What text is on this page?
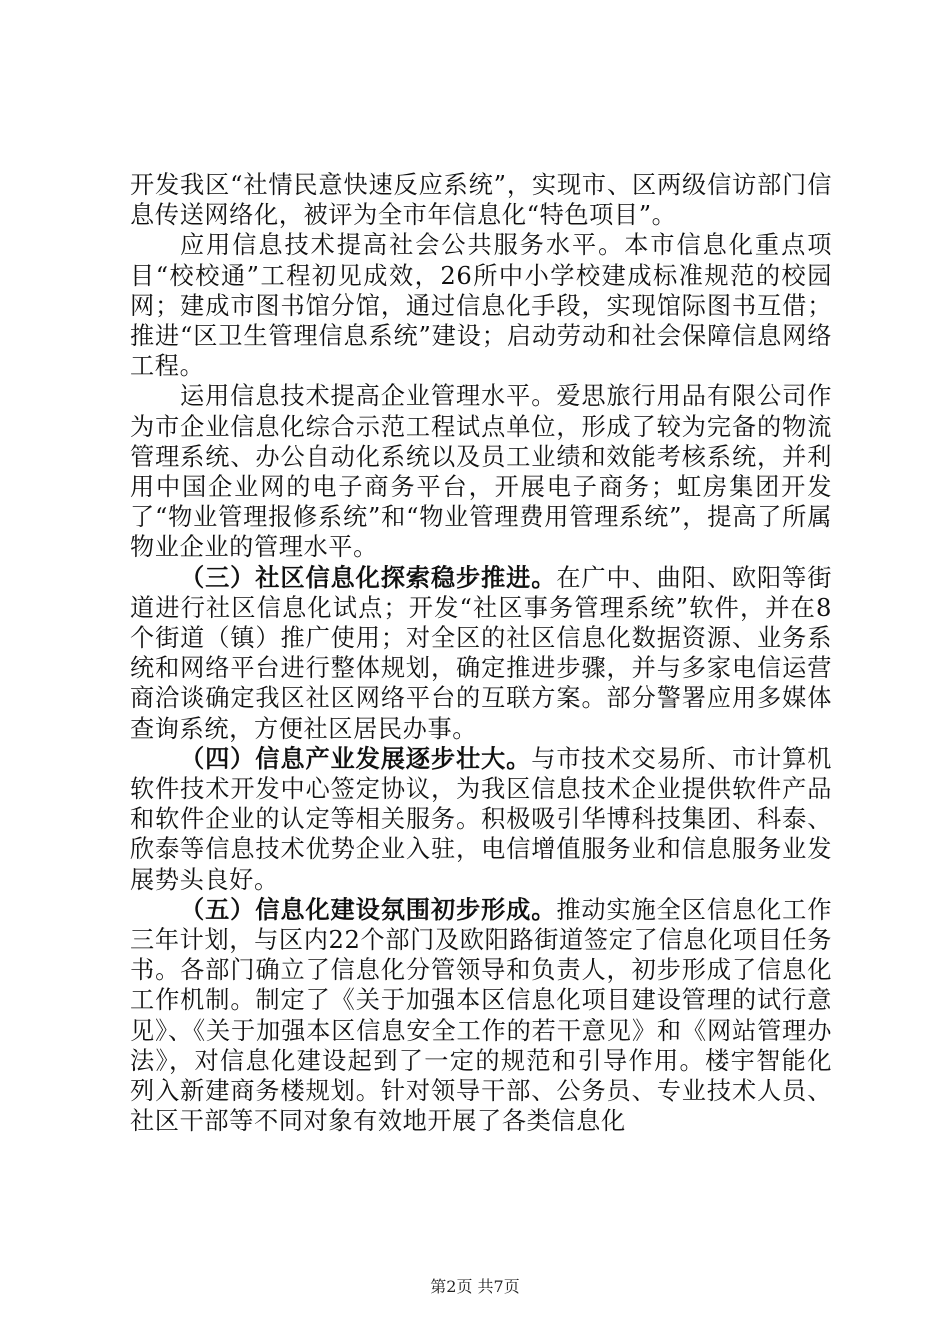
开发我区“社情民意快速反应系统”，实现市、区两级信访部门信息传送网络化，被评为全市年信息化“特色项目”。

应用信息技术提高社会公共服务水平。本市信息化重点项目“校校通”工程初见成效，26所中小学校建成标准规范的校园网；建成市图书馆分馆，通过信息化手段，实现馆际图书互借；推进“区卫生管理信息系统”建设；启动劳动和社会保障信息网络工程。

运用信息技术提高企业管理水平。爱思旅行用品有限公司作为市企业信息化综合示范工程试点单位，形成了较为完备的物流管理系统、办公自动化系统以及员工业绩和效能考核系统，并利用中国企业网的电子商务平台，开展电子商务；虹房集团开发了“物业管理报修系统”和“物业管理费用管理系统”，提高了所属物业企业的管理水平。

（三）社区信息化探索稳步推进。在广中、曲阳、欧阳等街道进行社区信息化试点；开发“社区事务管理系统”软件，并在8个街道（镇）推广使用；对全区的社区信息化数据资源、业务系统和网络平台进行整体规划，确定推进步骤，并与多家电信运营商洽谈确定我区社区网络平台的互联方案。部分警署应用多媒体查询系统，方便社区居民办事。

（四）信息产业发展逐步壮大。与市技术交易所、市计算机软件技术开发中心签定协议，为我区信息技术企业提供软件产品和软件企业的认定等相关服务。积极吸引华博科技集团、科泰、欣泰等信息技术优势企业入驻，电信增值服务业和信息服务业发展势头良好。

（五）信息化建设氛围初步形成。推动实施全区信息化工作三年计划，与区内22个部门及欧阳路街道签定了信息化项目任务书。各部门确立了信息化分管领导和负责人，初步形成了信息化工作机制。制定了《关于加强本区信息化项目建设管理的试行意见》、《关于加强本区信息安全工作的若干意见》和《网站管理办法》，对信息化建设起到了一定的规范和引导作用。楼宇智能化列入新建商务楼规划。针对领导干部、公务员、专业技术人员、社区干部等不同对象有效地开展了各类信息化

第2页 共7页
